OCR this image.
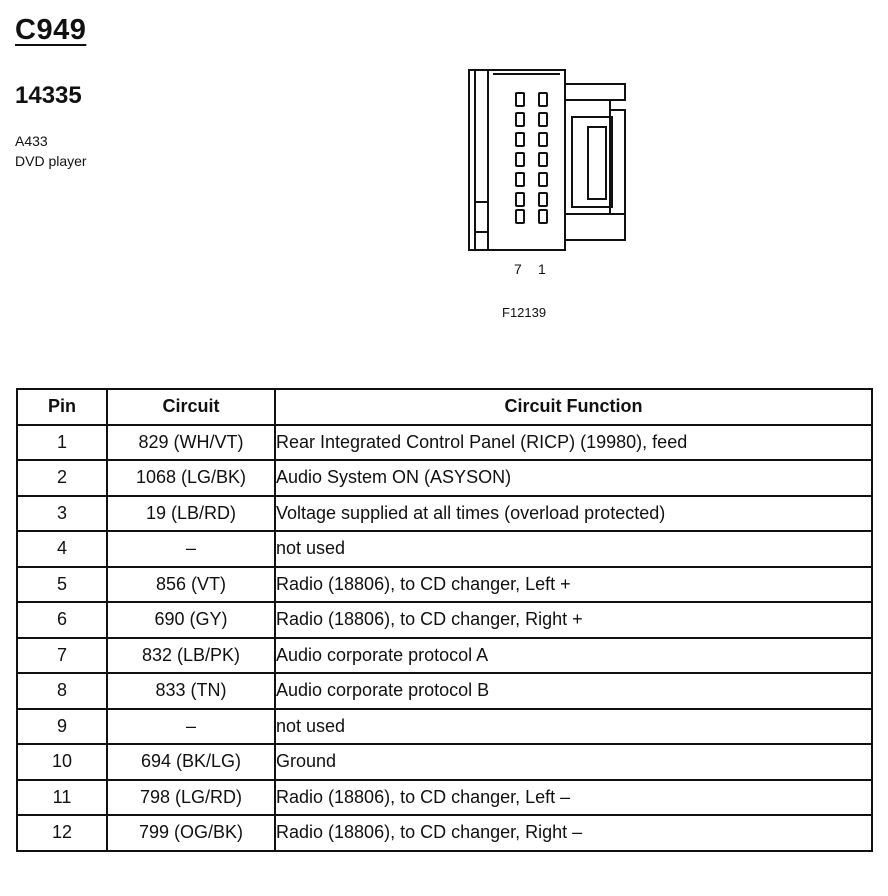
C949
14335
A433
DVD player
7 1
F12139
Pin	Circuit	Circuit Function
1	829 (WH/VT)	Rear Integrated Control Panel (RICP) (19980), feed
2	1068 (LG/BK)	Audio System ON (ASYSON)
3	19 (LB/RD)	Voltage supplied at all times (overload protected)
4	–	not used
5	856 (VT)	Radio (18806), to CD changer, Left +
6	690 (GY)	Radio (18806), to CD changer, Right +
7	832 (LB/PK)	Audio corporate protocol A
8	833 (TN)	Audio corporate protocol B
9	–	not used
10	694 (BK/LG)	Ground
11	798 (LG/RD)	Radio (18806), to CD changer, Left –
12	799 (OG/BK)	Radio (18806), to CD changer, Right –
